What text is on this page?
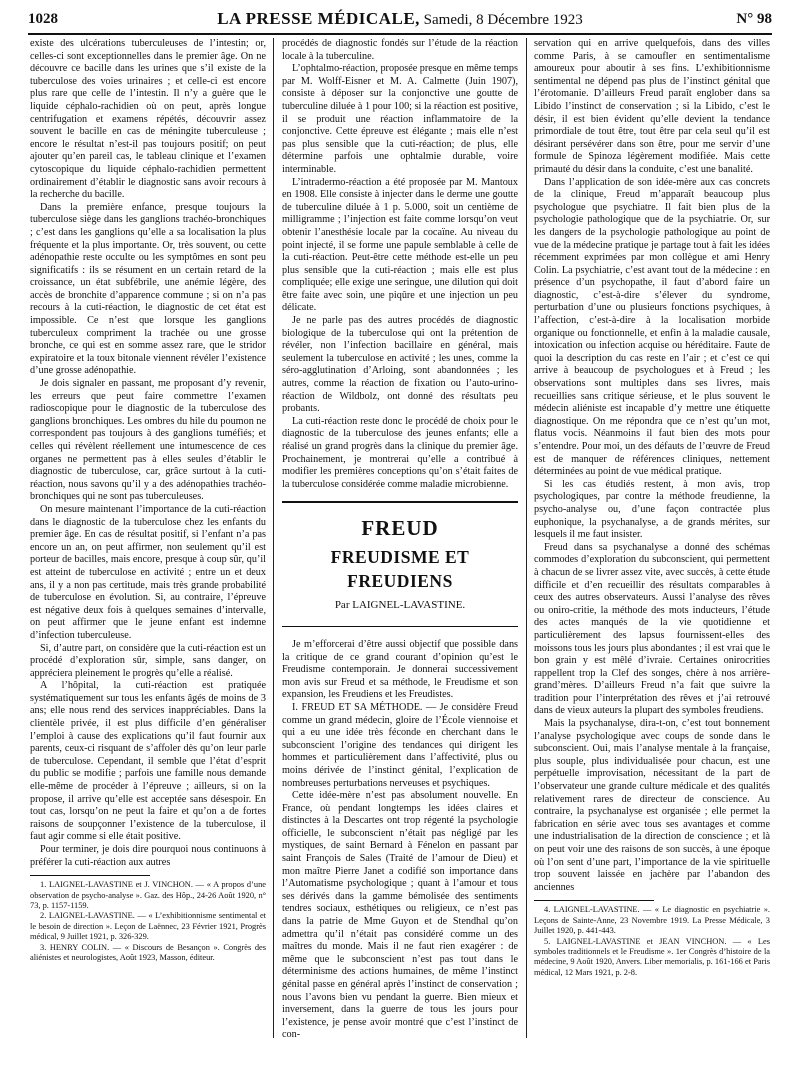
1028	LA PRESSE MÉDICALE, Samedi, 8 Décembre 1923	N° 98

existe des ulcérations tuberculeuses de l’intestin; or, celles-ci sont exceptionnelles dans le premier âge. On ne découvre ce bacille dans les urines que s’il existe de la tuberculose des voies urinaires ; et celle-ci est encore plus rare que celle de l’intestin. Il n’y a guère que le liquide céphalo-rachidien où on peut, après longue centrifugation et examens répétés, découvrir assez souvent le bacille en cas de méningite tuberculeuse ; encore le résultat n’est-il pas toujours positif; on peut ajouter qu’en pareil cas, le tableau clinique et l’examen cytoscopique du liquide céphalo-rachidien permettent ordinairement d’établir le diagnostic sans avoir recours à la recherche du bacille.

Dans la première enfance, presque toujours la tuberculose siège dans les ganglions trachéo-bronchiques ; c’est dans les ganglions qu’elle a sa localisation la plus fréquente et la plus importante. Or, très souvent, ou cette adénopathie reste occulte ou les symptômes en sont peu significatifs : ils se résument en un certain retard de la croissance, un état subfébrile, une anémie légère, des accès de bronchite d’apparence commune ; si on n’a pas recours à la cuti-réaction, le diagnostic de cet état est impossible. Ce n’est que lorsque les ganglions tuberculeux compriment la trachée ou une grosse bronche, ce qui est en somme assez rare, que le stridor expiratoire et la toux bitonale viennent révéler l’existence d’une grosse adénopathie.

Je dois signaler en passant, me proposant d’y revenir, les erreurs que peut faire commettre l’examen radioscopique pour le diagnostic de la tuberculose des ganglions bronchiques. Les ombres du hile du poumon ne correspondent pas toujours à des ganglions tuméfiés; et celles qui révèlent réellement une intumescence de ces organes ne permettent pas à elles seules d’établir le diagnostic de tuberculose, car, grâce surtout à la cuti-réaction, nous savons qu’il y a des adénopathies trachéo-bronchiques qui ne sont pas tuberculeuses.

On mesure maintenant l’importance de la cuti-réaction dans le diagnostic de la tuberculose chez les enfants du premier âge. En cas de résultat positif, si l’enfant n’a pas encore un an, on peut affirmer, non seulement qu’il est porteur de bacilles, mais encore, presque à coup sûr, qu’il est atteint de tuberculose en activité ; entre un et deux ans, il y a non pas certitude, mais très grande probabilité de tuberculose en évolution. Si, au contraire, l’épreuve est négative deux fois à quelques semaines d’intervalle, on peut affirmer que le jeune enfant est indemne d’infection tuberculeuse.

Si, d’autre part, on considère que la cuti-réaction est un procédé d’exploration sûr, simple, sans danger, on appréciera pleinement le progrès qu’elle a réalisé.

A l’hôpital, la cuti-réaction est pratiquée systématiquement sur tous les enfants âgés de moins de 3 ans; elle nous rend des services inappréciables. Dans la clientèle privée, il est plus difficile d’en généraliser l’emploi à cause des explications qu’il faut fournir aux parents, ceux-ci risquant de s’affoler dès qu’on leur parle de tuberculose. Cependant, il semble que l’état d’esprit du public se modifie ; parfois une famille nous demande elle-même de procéder à l’épreuve ; ailleurs, si on la propose, il arrive qu’elle est acceptée sans désespoir. En tout cas, lorsqu’on ne peut la faire et qu’on a de fortes raisons de soupçonner l’existence de la tuberculose, il faut agir comme si elle était positive.

Pour terminer, je dois dire pourquoi nous continuons à préférer la cuti-réaction aux autres

1. LAIGNEL-LAVASTINE et J. VINCHON. — « A propos d’une observation de psycho-analyse ». Gaz. des Hôp., 24-26 Août 1920, n° 73, p. 1157-1159.

2. LAIGNEL-LAVASTINE. — « L’exhibitionnisme sentimental et le besoin de direction ». Leçon de Laënnec, 23 Février 1921, Progrès médical, 9 Juillet 1921, p. 326-329.

3. HENRY COLIN. — « Discours de Besançon ». Congrès des aliénistes et neurologistes, Août 1923, Masson, éditeur.

procédés de diagnostic fondés sur l’étude de la réaction locale à la tuberculine.

L’ophtalmo-réaction, proposée presque en même temps par M. Wolff-Eisner et M. A. Calmette (Juin 1907), consiste à déposer sur la conjonctive une goutte de tuberculine diluée à 1 pour 100; si la réaction est positive, il se produit une réaction inflammatoire de la conjonctive. Cette épreuve est élégante ; mais elle n’est pas plus sensible que la cuti-réaction; de plus, elle détermine parfois une ophtalmie durable, voire interminable.

L’intradermo-réaction a été proposée par M. Mantoux en 1908. Elle consiste à injecter dans le derme une goutte de tuberculine diluée à 1 p. 5.000, soit un centième de milligramme ; l’injection est faite comme lorsqu’on veut obtenir l’anesthésie locale par la cocaïne. Au niveau du point injecté, il se forme une papule semblable à celle de la cuti-réaction. Peut-être cette méthode est-elle un peu plus sensible que la cuti-réaction ; mais elle est plus compliquée; elle exige une seringue, une dilution qui doit être faite avec soin, une piqûre et une injection un peu délicate.

Je ne parle pas des autres procédés de diagnostic biologique de la tuberculose qui ont la prétention de révéler, non l’infection bacillaire en général, mais seulement la tuberculose en activité ; les unes, comme la séro-agglutination d’Arloing, sont abandonnées ; les autres, comme la réaction de fixation ou l’auto-urino-réaction de Wildbolz, ont donné des résultats peu probants.

La cuti-réaction reste donc le procédé de choix pour le diagnostic de la tuberculose des jeunes enfants; elle a réalisé un grand progrès dans la clinique du premier âge. Prochainement, je montrerai qu’elle a contribué à modifier les premières conceptions qu’on s’était faites de la tuberculose considérée comme maladie microbienne.

FREUD
FREUDISME ET FREUDIENS
Par LAIGNEL-LAVASTINE.

Je m’efforcerai d’être aussi objectif que possible dans la critique de ce grand courant d’opinion qu’est le Freudisme contemporain. Je donnerai successivement mon avis sur Freud et sa méthode, le Freudisme et son expansion, les Freudiens et les Freudistes.

I. FREUD ET SA MÉTHODE. — Je considère Freud comme un grand médecin, gloire de l’École viennoise et qui a eu une idée très féconde en cherchant dans le subconscient l’origine des tendances qui dirigent les hommes et particulièrement dans l’affectivité, plus ou moins dérivée de l’instinct génital, l’explication de nombreuses perturbations nerveuses et psychiques.

Cette idée-mère n’est pas absolument nouvelle. En France, où pendant longtemps les idées claires et distinctes à la Descartes ont trop régenté la psychologie officielle, le subconscient n’était pas négligé par les mystiques, de saint Bernard à Fénelon en passant par saint François de Sales (Traité de l’amour de Dieu) et mon maître Pierre Janet a codifié son importance dans l’Automatisme psychologique ; quant à l’amour et tous ses dérivés dans la gamme bémolisée des sentiments tendres sociaux, esthétiques ou religieux, ce n’est pas dans la patrie de Mme Guyon et de Stendhal qu’on admettra qu’il n’était pas considéré comme un des maîtres du monde. Mais il ne faut rien exagérer : de même que le subconscient n’est pas tout dans le déterminisme des actions humaines, de même l’instinct génital passe en général après l’instinct de conservation ; nous l’avons bien vu pendant la guerre. Bien mieux et inversement, dans la guerre de tous les jours pour l’existence, je pense avoir montré que c’est l’instinct de con-

servation qui en arrive quelquefois, dans des villes comme Paris, à se camoufler en sentimentalisme amoureux pour aboutir à ses fins. L’exhibitionnisme sentimental ne dépend pas plus de l’instinct génital que l’érotomanie. D’ailleurs Freud paraît englober dans sa Libido l’instinct de conservation ; si la Libido, c’est le désir, il est bien évident qu’elle devient la tendance primordiale de tout être, tout être par cela seul qu’il est désirant persévérer dans son être, pour me servir d’une formule de Spinoza légèrement modifiée. Mais cette primauté du désir dans la conduite, c’est une banalité.

Dans l’application de son idée-mère aux cas concrets de la clinique, Freud m’apparaît beaucoup plus psychologue que psychiatre. Il fait bien plus de la psychologie pathologique que de la psychiatrie. Or, sur les dangers de la psychologie pathologique au point de vue de la médecine pratique je partage tout à fait les idées récemment exprimées par mon collègue et ami Henry Colin. La psychiatrie, c’est avant tout de la médecine : en présence d’un psychopathe, il faut d’abord faire un diagnostic, c’est-à-dire s’élever du syndrome, perturbation d’une ou plusieurs fonctions psychiques, à l’affection, c’est-à-dire à la localisation morbide organique ou fonctionnelle, et enfin à la maladie causale, intoxication ou infection acquise ou héréditaire. Faute de quoi la description du cas reste en l’air ; et c’est ce qui arrive à beaucoup de psychologues et à Freud ; les observations sont multiples dans ses livres, mais recueillies sans critique sérieuse, et le plus souvent le médecin aliéniste est incapable d’y mettre une étiquette diagnostique. On me répondra que ce n’est qu’un mot, flatus vocis. Néanmoins il faut bien des mots pour s’entendre. Pour moi, un des défauts de l’œuvre de Freud est de manquer de références cliniques, nettement déterminées au point de vue médical pratique.

Si les cas étudiés restent, à mon avis, trop psychologiques, par contre la méthode freudienne, la psycho-analyse ou, d’une façon contractée plus euphonique, la psychanalyse, a de grands mérites, sur lesquels il me faut insister.

Freud dans sa psychanalyse a donné des schémas commodes d’exploration du subconscient, qui permettent à chacun de se livrer assez vite, avec succès, à cette étude difficile et d’en recueillir des résultats comparables à ceux des autres observateurs. Aussi l’analyse des rêves ou oniro-critie, la méthode des mots inducteurs, l’étude des actes manqués de la vie quotidienne et particulièrement des lapsus fournissent-elles des moissons tous les jours plus abondantes ; il est vrai que le bon grain y est mêlé d’ivraie. Certaines onirocrities rappellent trop la Clef des songes, chère à nos arrière-grand’mères. D’ailleurs Freud n’a fait que suivre la tradition pour l’interprétation des rêves et j’ai retrouvé dans de vieux auteurs la plupart des symboles freudiens.

Mais la psychanalyse, dira-t-on, c’est tout bonnement l’analyse psychologique avec coups de sonde dans le subconscient. Oui, mais l’analyse mentale à la française, plus souple, plus individualisée pour chacun, est une perpétuelle improvisation, nécessitant de la part de l’observateur une grande culture médicale et des qualités relativement rares de directeur de conscience. Au contraire, la psychanalyse est organisée ; elle permet la fabrication en série avec tous ses avantages et comme une industrialisation de la direction de conscience ; et là on peut voir une des raisons de son succès, à une époque où l’on sent d’une part, l’importance de la vie spirituelle trop souvent laissée en jachère par l’abandon des anciennes

4. LAIGNEL-LAVASTINE. — « Le diagnostic en psychiatrie ». Leçons de Sainte-Anne, 23 Novembre 1919. La Presse Médicale, 3 Juillet 1920, p. 441-443.

5. LAIGNEL-LAVASTINE et JEAN VINCHON. — « Les symboles traditionnels et le Freudisme ». 1er Congrès d’histoire de la médecine, 9 Août 1920, Anvers. Liber memorialis, p. 161-166 et Paris médical, 12 Mars 1921, p. 2-8.
